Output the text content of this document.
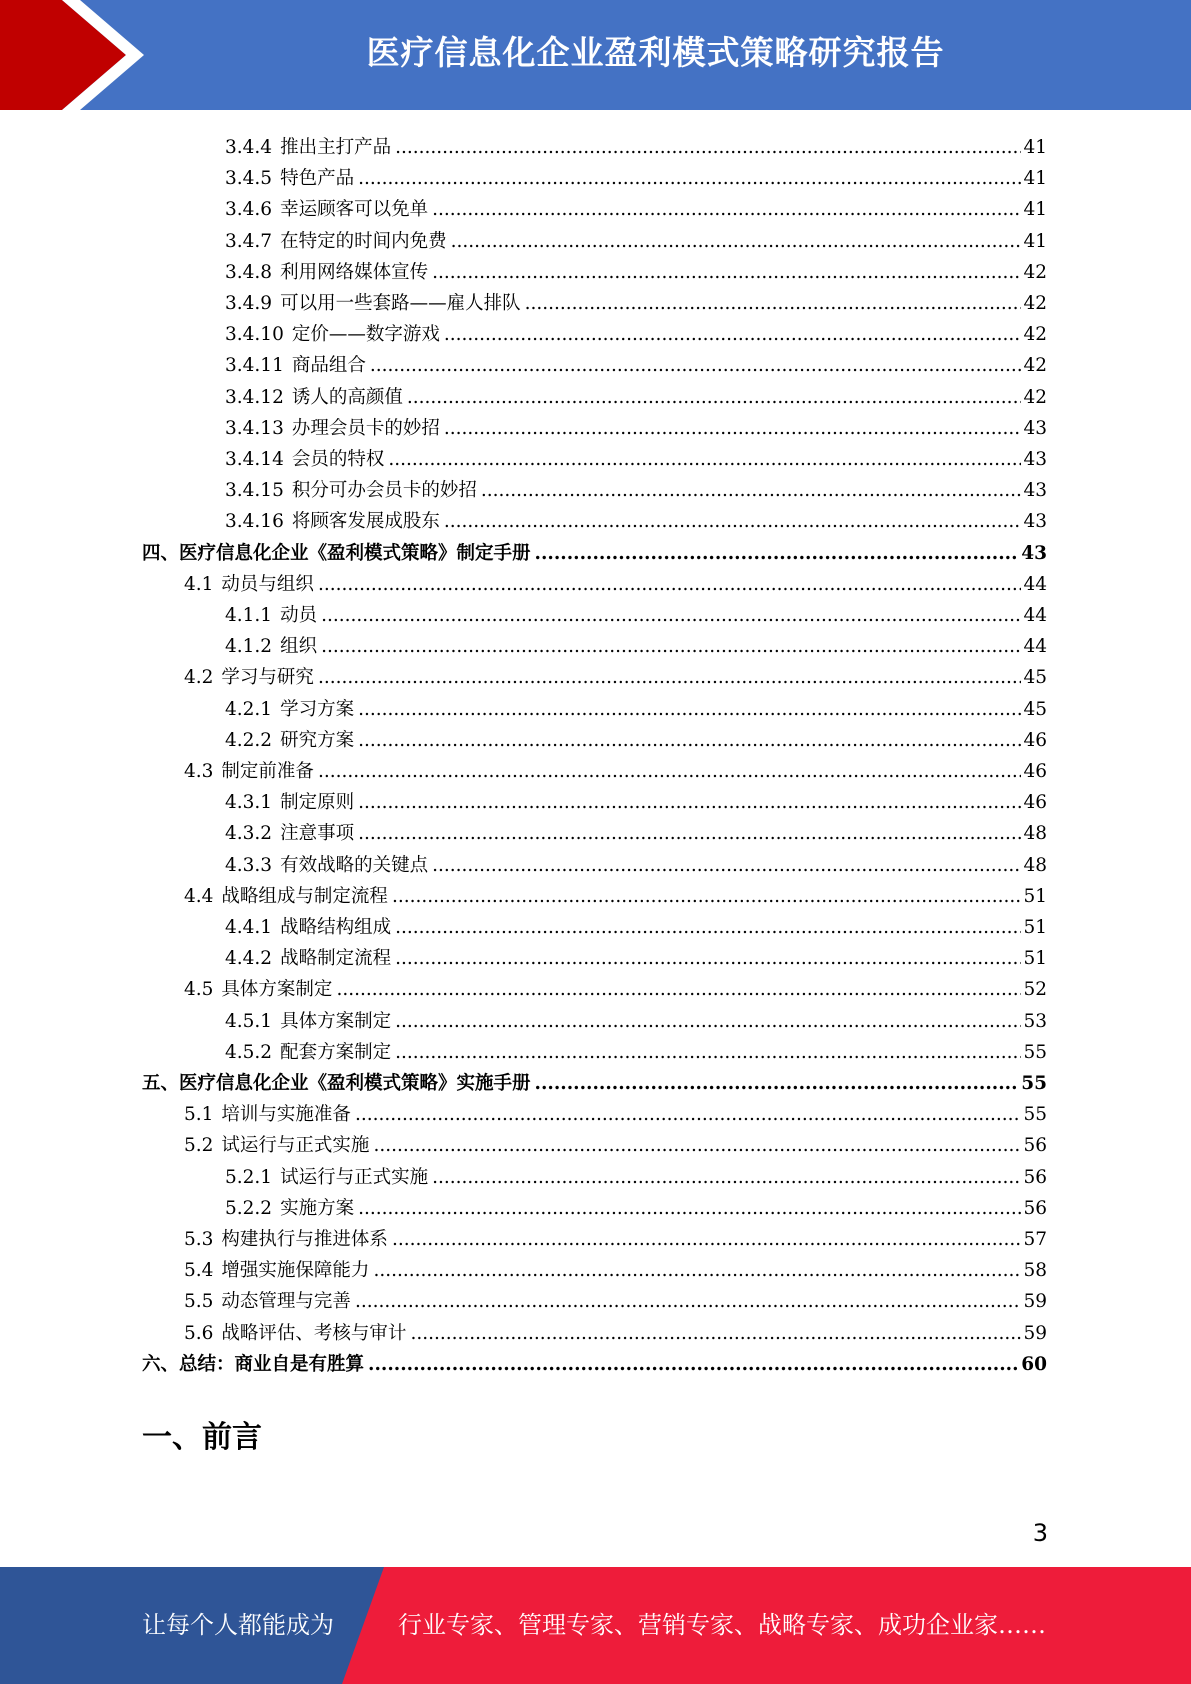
医疗信息化企业盈利模式策略研究报告
3.4.4 推出主打产品 .....	41
3.4.5 特色产品 .....	41
3.4.6 幸运顾客可以免单 .....	41
3.4.7 在特定的时间内免费 .....	41
3.4.8 利用网络媒体宣传 .....	42
3.4.9 可以用一些套路——雇人排队 .....	42
3.4.10 定价——数字游戏 .....	42
3.4.11 商品组合 .....	42
3.4.12 诱人的高颜值 .....	42
3.4.13 办理会员卡的妙招 .....	43
3.4.14 会员的特权 .....	43
3.4.15 积分可办会员卡的妙招 .....	43
3.4.16 将顾客发展成股东 .....	43
四、医疗信息化企业《盈利模式策略》制定手册 .....	43
4.1 动员与组织 .....	44
4.1.1 动员 .....	44
4.1.2 组织 .....	44
4.2 学习与研究 .....	45
4.2.1 学习方案 .....	45
4.2.2 研究方案 .....	46
4.3 制定前准备 .....	46
4.3.1 制定原则 .....	46
4.3.2 注意事项 .....	48
4.3.3 有效战略的关键点 .....	48
4.4 战略组成与制定流程 .....	51
4.4.1 战略结构组成 .....	51
4.4.2 战略制定流程 .....	51
4.5 具体方案制定 .....	52
4.5.1 具体方案制定 .....	53
4.5.2 配套方案制定 .....	55
五、医疗信息化企业《盈利模式策略》实施手册 .....	55
5.1 培训与实施准备 .....	55
5.2 试运行与正式实施 .....	56
5.2.1 试运行与正式实施 .....	56
5.2.2 实施方案 .....	56
5.3 构建执行与推进体系 .....	57
5.4 增强实施保障能力 .....	58
5.5 动态管理与完善 .....	59
5.6 战略评估、考核与审计 .....	59
六、总结：商业自是有胜算 .....	60
一、前言
3
让每个人都能成为	行业专家、管理专家、营销专家、战略专家、成功企业家……
